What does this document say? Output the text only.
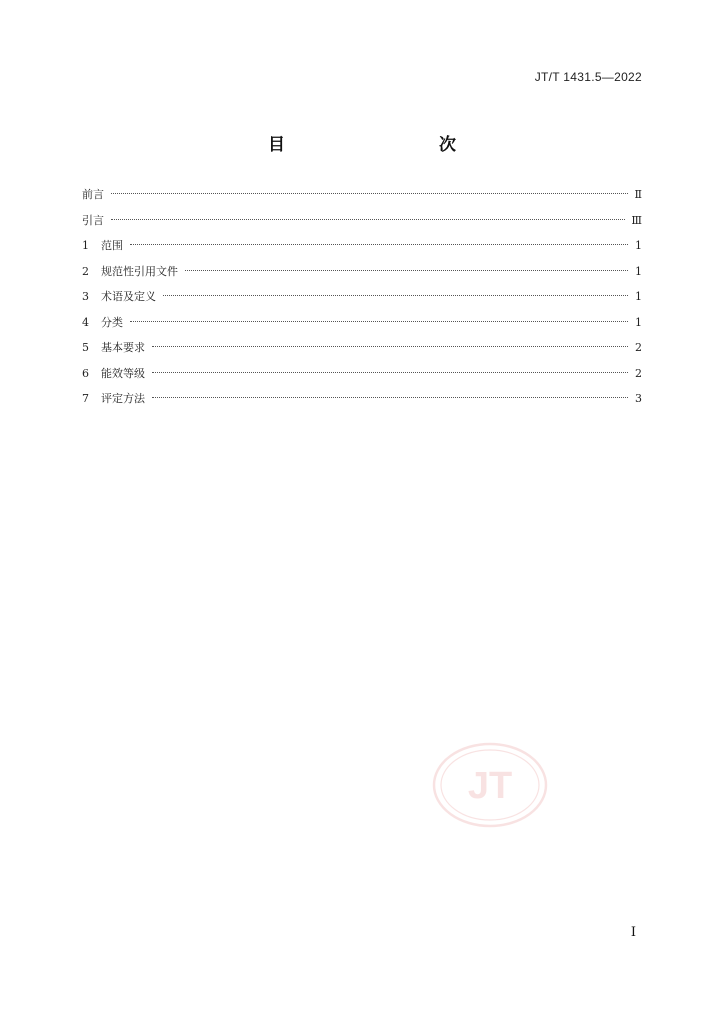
JT/T 1431.5—2022
目　　次
前言	Ⅱ
引言	Ⅲ
1	范围	1
2	规范性引用文件	1
3	术语及定义	1
4	分类	1
5	基本要求	2
6	能效等级	2
7	评定方法	3
JT
I
